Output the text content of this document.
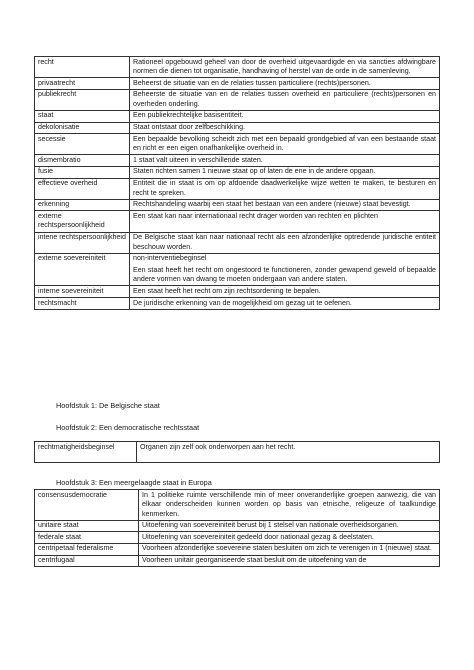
recht	Rationeel opgebouwd geheel van door de overheid uitgevaardigde en via sancties afdwingbare normen die dienen tot organisatie, handhaving of herstel van de orde in de samenleving.
privaatrecht	Beheerst de situatie van en de relaties tussen particuliere (rechts)personen.
publiekrecht	Beheerste de situatie van en de relaties tussen overheid en particuliere (rechts)personen en overheden onderling.
staat	Een publiekrechtelijke basisentiteit.
dekolonisatie	Staat ontstaat door zelfbeschikking.
secessie	Een bepaalde bevolking scheidt zich met een bepaald grondgebied af van een bestaande staat en richt er een eigen onafhankelijke overheid in.
dismembratio	1 staat valt uiteen in verschillende staten.
fusie	Staten richten samen 1 nieuwe staat op of laten de ene in de andere opgaan.
effectieve overheid	Entiteit die in staat is om op afdoende daadwerkelijke wijze wetten te maken, te besturen en recht te spreken.
erkenning	Rechtshandeling waarbij een staat het bestaan van een andere (nieuwe) staat bevestigt.
externe rechtspersoonlijkheid	Een staat kan naar internationaal recht drager worden van rechten en plichten
intene rechtspersoonlijkheid	De Belgische staat kan naar nationaal recht als een afzonderlijke optredende juridische entiteit beschouw worden.
externe soevereiniteit	non-interventiebeginsel
Een staat heeft het recht om ongestoord te functioneren, zonder gewapend geweld of bepaalde andere vormen van dwang te moeten ondergaan van andere staten.

interne soevereiniteit	Een staat heeft het recht om zijn rechtsordening te bepalen.
rechtsmacht	De juridische erkenning van de mogelijkheid om gezag uit te oefenen.
Hoofdstuk 1: De Belgische staat
Hoofdstuk 2: Een democratische rechtsstaat
rechtmatigheidsbeginsel	Organen zijn zelf ook onderworpen aan het recht.
Hoofdstuk 3: Een meergelaagde staat in Europa
consensusdemocratie	In 1 politieke ruimte verschillende min of meer onveranderlijke groepen aanwezig, die van elkaar onderscheiden kunnen worden op basis van etnische, religeuze of taalkundige kenmerken.
unitaire staat	Uitoefening van soevereiniteit berust bij 1 stelsel van nationale overheidsorganen.
federale staat	Uitoefening van soevereiniteit gedeeld door nationaal gezag & deelstaten.
centripetaal federalisme	Voorheen afzonderlijke soevereine staten besluiten om zich te verenigen in 1 (nieuwe) staat.
centrifugaal	Voorheen unitair georganiseerde staat besluit om de uitoefening van de
